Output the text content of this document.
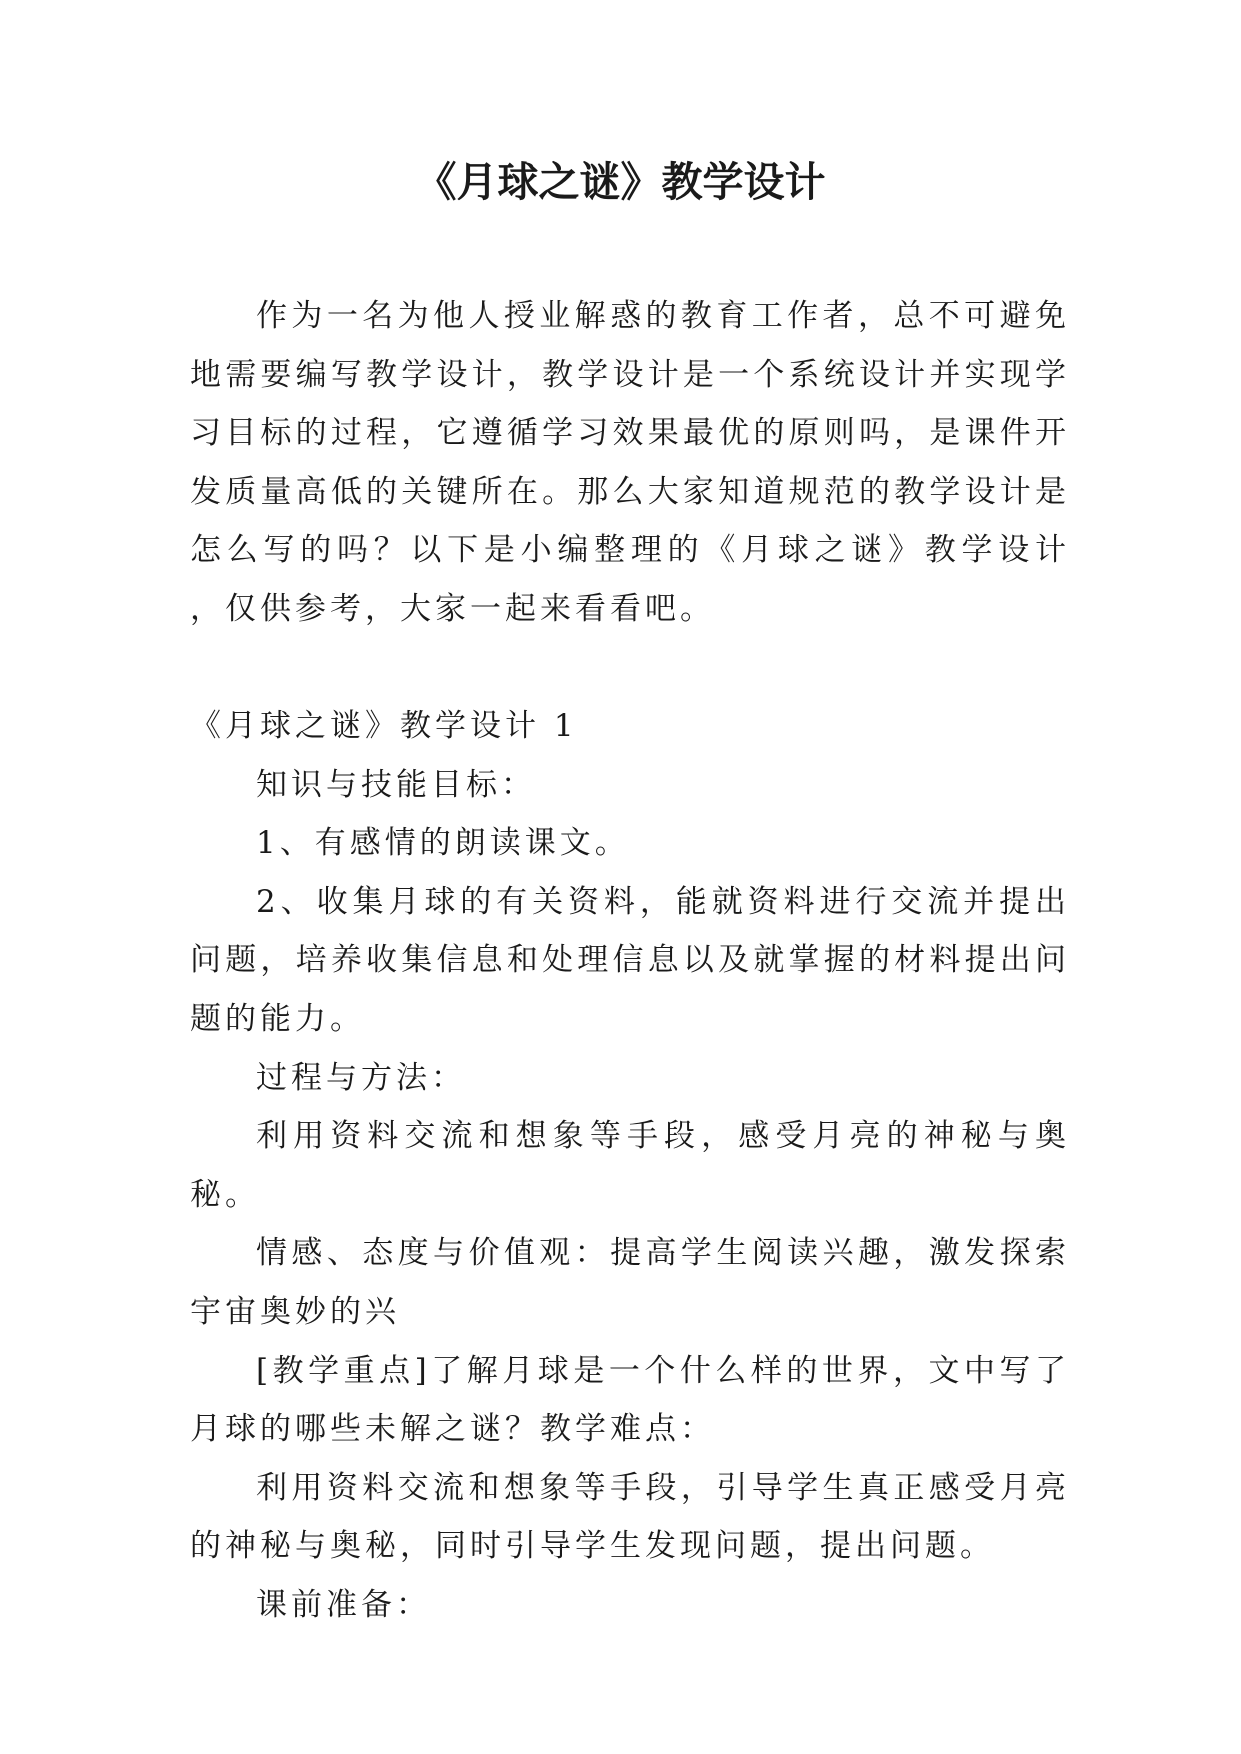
《月球之谜》教学设计

作为一名为他人授业解惑的教育工作者，总不可避免地需要编写教学设计，教学设计是一个系统设计并实现学习目标的过程，它遵循学习效果最优的原则吗，是课件开发质量高低的关键所在。那么大家知道规范的教学设计是怎么写的吗？以下是小编整理的《月球之谜》教学设计 ，仅供参考，大家一起来看看吧。

《月球之谜》教学设计 1

知识与技能目标：

1、有感情的朗读课文。

2、收集月球的有关资料，能就资料进行交流并提出问题，培养收集信息和处理信息以及就掌握的材料提出问题的能力。

过程与方法：

利用资料交流和想象等手段，感受月亮的神秘与奥秘。

情感、态度与价值观：提高学生阅读兴趣，激发探索宇宙奥妙的兴

[教学重点]了解月球是一个什么样的世界，文中写了月球的哪些未解之谜？教学难点：

利用资料交流和想象等手段，引导学生真正感受月亮的神秘与奥秘，同时引导学生发现问题，提出问题。

课前准备：
